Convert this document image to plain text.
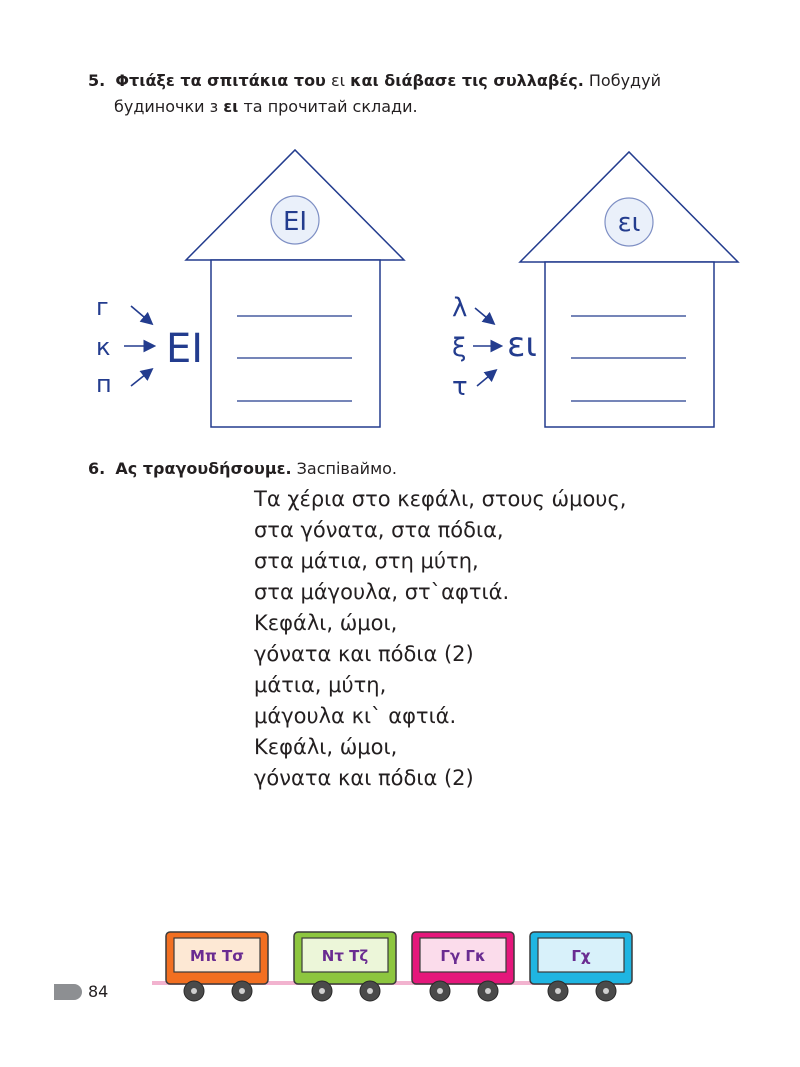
5. Φτιάξε τα σπιτάκια του ει και διάβασε τις συλλαβές. Побудуй
будиночки з ει та прочитай склади.
ΕΙ
г
к
п
ΕΙ
ει
λ
ξ
τ
ει
Μπ Τσ	Ντ Τζ	Γγ Γκ	Γχ
6. Ας τραγουδήσουμε. Заспіваймо.
Τα χέρια στο κεφάλι, στους ώμους,
στα γόνατα, στα πόδια,
στα μάτια, στη μύτη,
στα μάγουλα, στ`αφτιά.
Κεφάλι, ώμοι,
γόνατα και πόδια (2)
μάτια, μύτη,
μάγουλα κι` αφτιά.
Κεφάλι, ώμοι,
γόνατα και πόδια (2)
84
